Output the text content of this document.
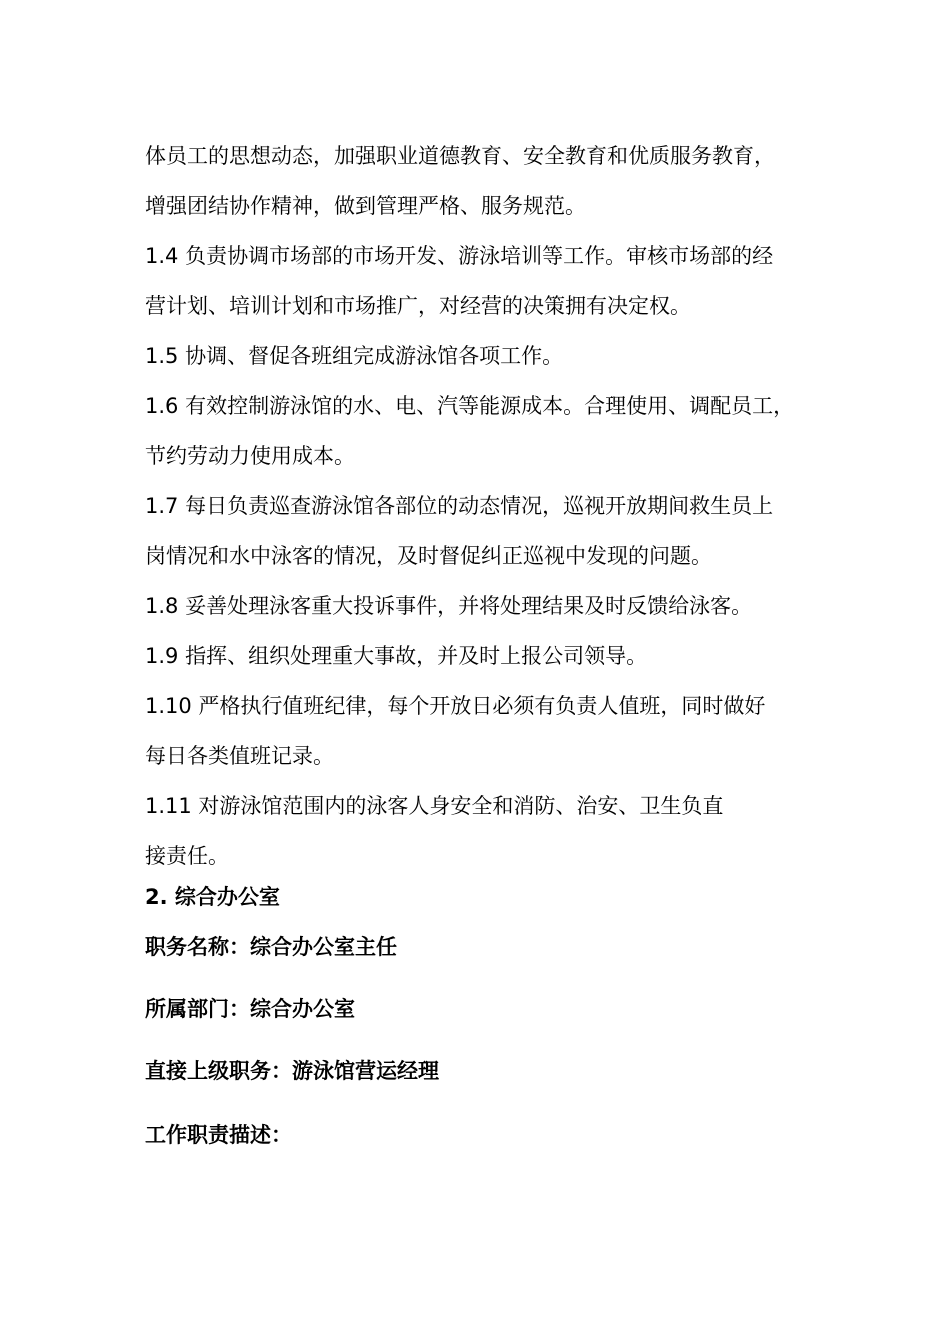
体员工的思想动态，加强职业道德教育、安全教育和优质服务教育，
增强团结协作精神，做到管理严格、服务规范。
1.4 负责协调市场部的市场开发、游泳培训等工作。审核市场部的经
营计划、培训计划和市场推广，对经营的决策拥有决定权。
1.5 协调、督促各班组完成游泳馆各项工作。
1.6 有效控制游泳馆的水、电、汽等能源成本。合理使用、调配员工，
节约劳动力使用成本。
1.7 每日负责巡查游泳馆各部位的动态情况，巡视开放期间救生员上
岗情况和水中泳客的情况，及时督促纠正巡视中发现的问题。
1.8 妥善处理泳客重大投诉事件，并将处理结果及时反馈给泳客。
1.9 指挥、组织处理重大事故，并及时上报公司领导。
1.10 严格执行值班纪律，每个开放日必须有负责人值班，同时做好
每日各类值班记录。
1.11 对游泳馆范围内的泳客人身安全和消防、治安、卫生负直
接责任。
2. 综合办公室
职务名称：综合办公室主任
所属部门：综合办公室
直接上级职务：游泳馆营运经理
工作职责描述：
